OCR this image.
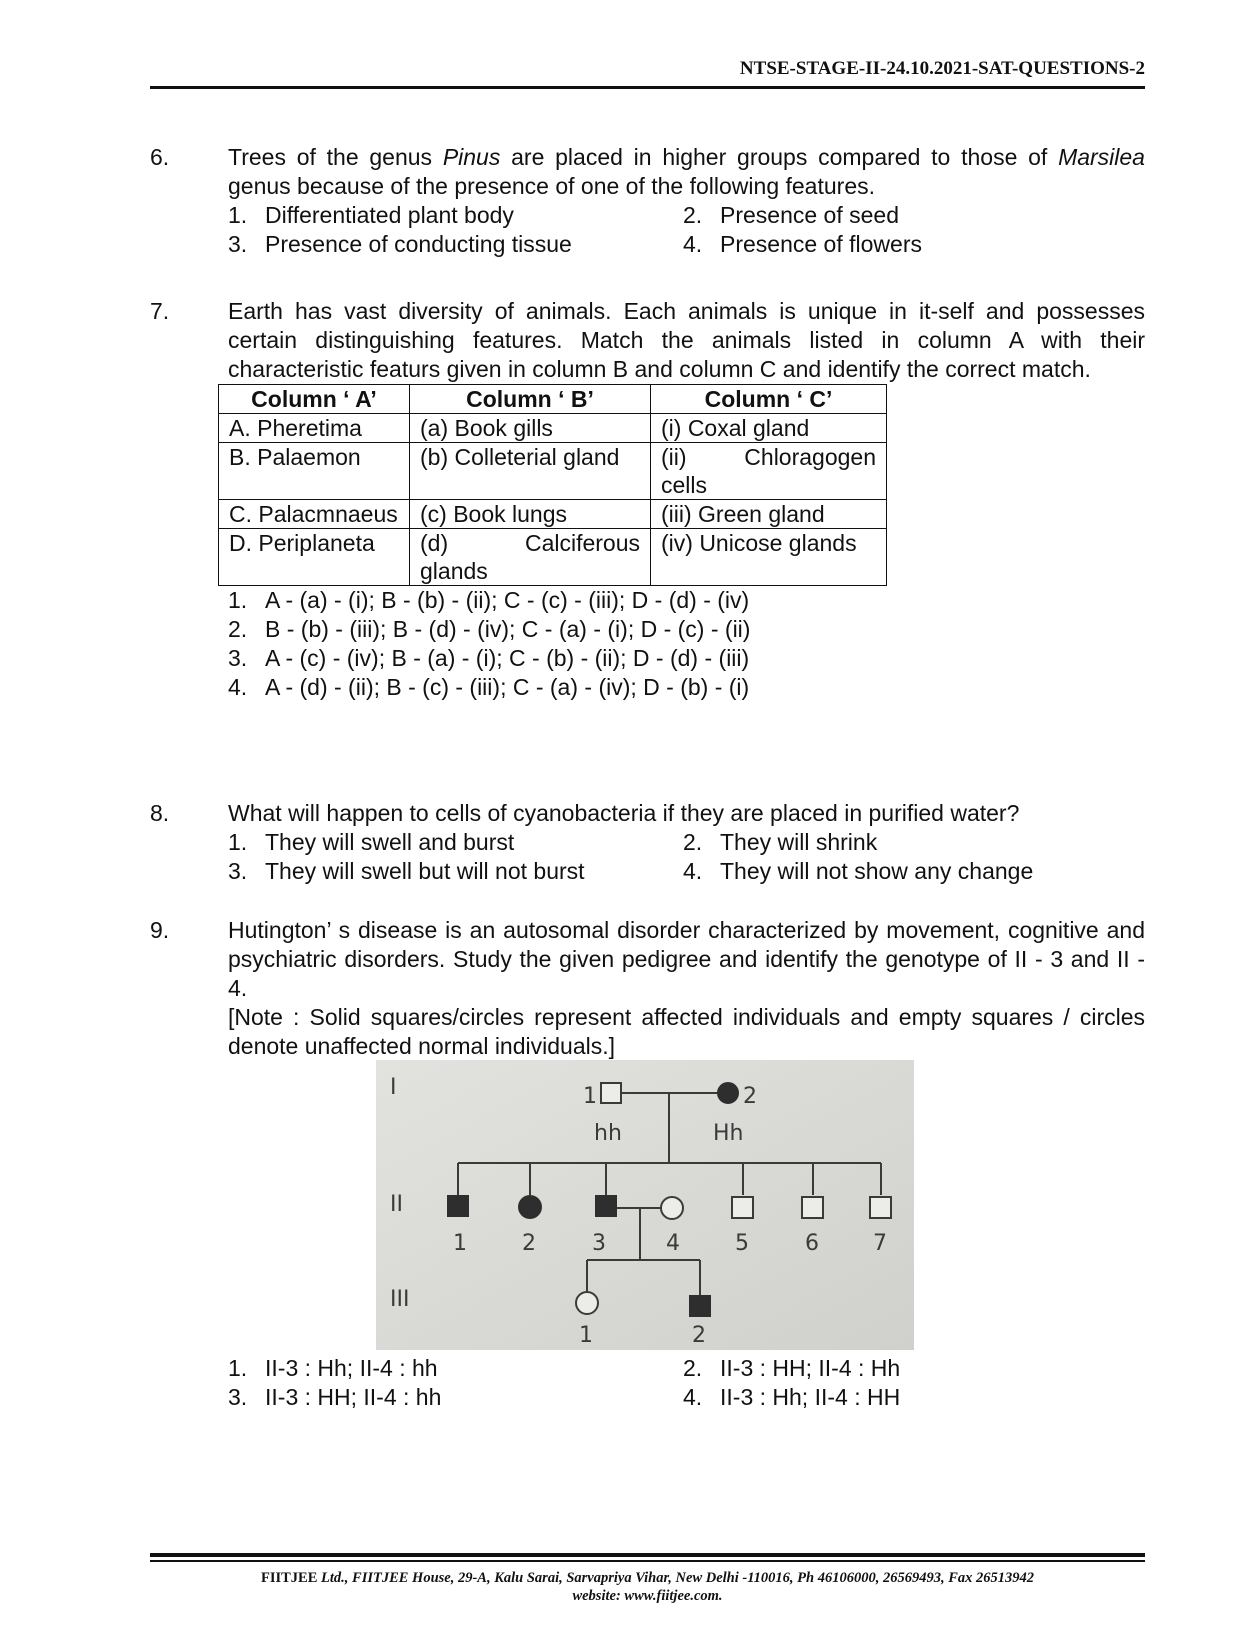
NTSE-STAGE-II-24.10.2021-SAT-QUESTIONS-2
6.	Trees of the genus Pinus are placed in higher groups compared to those of Marsilea genus because of the presence of one of the following features.
1. Differentiated plant body	2. Presence of seed
3. Presence of conducting tissue	4. Presence of flowers
7.	Earth has vast diversity of animals. Each animals is unique in it-self and possesses certain distinguishing features. Match the animals listed in column A with their characteristic featurs given in column B and column C and identify the correct match.
Column ‘ A’	Column ‘ B’	Column ‘ C’
A. Pheretima	(a) Book gills	(i) Coxal gland
B. Palaemon	(b) Colleterial gland	(ii) Chloragogen cells
C. Palacmnaeus	(c) Book lungs	(iii) Green gland
D. Periplaneta	(d) Calciferous glands	(iv) Unicose glands
1. A - (a) - (i); B - (b) - (ii); C - (c) - (iii); D - (d) - (iv)
2. B - (b) - (iii); B - (d) - (iv); C - (a) - (i); D - (c) - (ii)
3. A - (c) - (iv); B - (a) - (i); C - (b) - (ii); D - (d) - (iii)
4. A - (d) - (ii); B - (c) - (iii); C - (a) - (iv); D - (b) - (i)
8.	What will happen to cells of cyanobacteria if they are placed in purified water?
1. They will swell and burst	2. They will shrink
3. They will swell but will not burst	4. They will not show any change
9.	Hutington’ s disease is an autosomal disorder characterized by movement, cognitive and psychiatric disorders. Study the given pedigree and identify the genotype of II - 3 and II - 4.
[Note : Solid squares/circles represent affected individuals and empty squares / circles denote unaffected normal individuals.]
I
II
III
1
hh
2
Hh
1	2	3	4	5	6 7
1	2
1. II-3 : Hh; II-4 : hh	2. II-3 : HH; II-4 : Hh
3. II-3 : HH; II-4 : hh	4. II-3 : Hh; II-4 : HH
FIITJEE Ltd., FIITJEE House, 29-A, Kalu Sarai, Sarvapriya Vihar, New Delhi -110016, Ph 46106000, 26569493, Fax 26513942
website: www.fiitjee.com.
